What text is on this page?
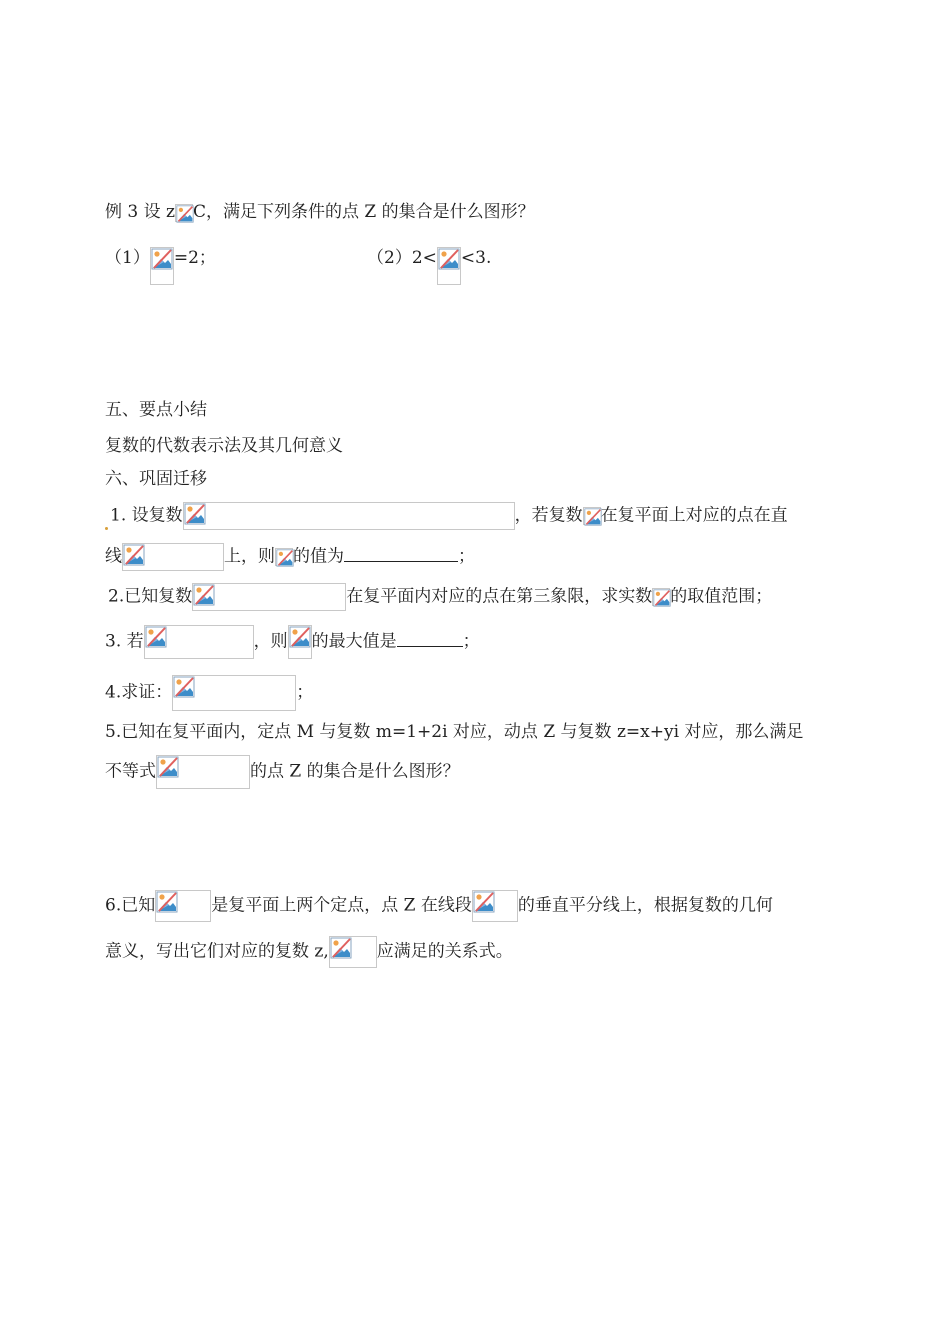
例 3 设 z C，满足下列条件的点 Z 的集合是什么图形？
（1） =2；	（2）2< <3.
五、要点小结
复数的代数表示法及其几何意义
六、巩固迁移
1. 设复数	，若复数 在复平面上对应的点在直
线	上，则 的值为	；
2.已知复数	在复平面内对应的点在第三象限，求实数 的取值范围；
3. 若	，则 的最大值是	；
4.求证：	；
5.已知在复平面内，定点 M 与复数 m=1+2i 对应，动点 Z 与复数 z=x+yi 对应，那么满足
不等式	的点 Z 的集合是什么图形？
6.已知	是复平面上两个定点，点 Z 在线段	的垂直平分线上，根据复数的几何
意义，写出它们对应的复数 z,	应满足的关系式。
